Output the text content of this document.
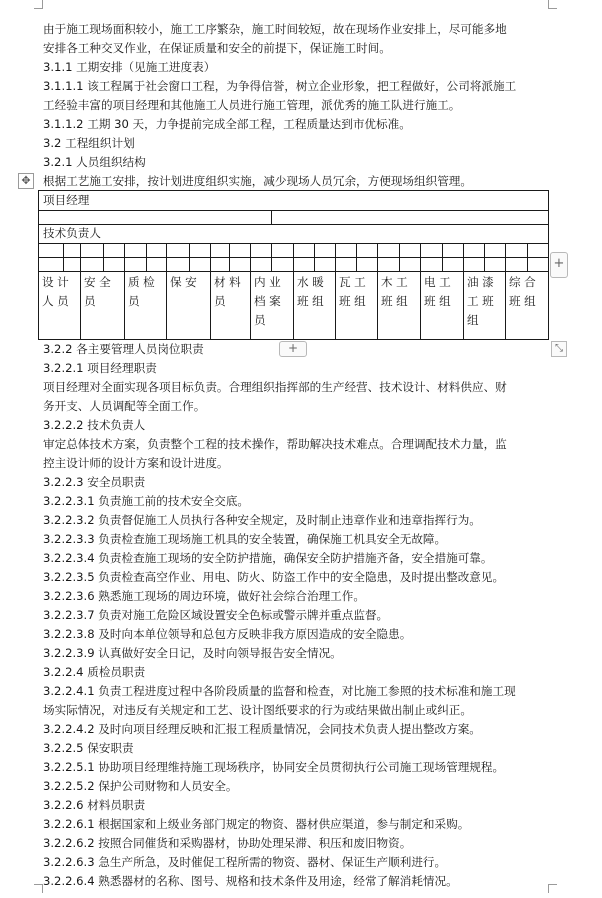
由于施工现场面积较小，施工工序繁杂，施工时间较短，故在现场作业安排上，尽可能多地
安排各工种交叉作业，在保证质量和安全的前提下，保证施工时间。
3.1.1 工期安排（见施工进度表）
3.1.1.1 该工程属于社会窗口工程，为争得信誉，树立企业形象，把工程做好，公司将派施工
工经验丰富的项目经理和其他施工人员进行施工管理，派优秀的施工队进行施工。
3.1.1.2 工期 30 天，力争提前完成全部工程，工程质量达到市优标准。
3.2 工程组织计划
3.2.1 人员组织结构
根据工艺施工安排，按计划进度组织实施，减少现场人员冗余，方便现场组织管理。
✥
项目经理
技术负责人
设计人员
安全员
质检员
保安	材料员
内业档案员
水暖班组
瓦工班组
木工班组
电工班组
油漆工班组
综合班组
+
+	⤡
3.2.2 各主要管理人员岗位职责
3.2.2.1 项目经理职责
项目经理对全面实现各项目标负责。合理组织指挥部的生产经营、技术设计、材料供应、财
务开支、人员调配等全面工作。
3.2.2.2 技术负责人
审定总体技术方案，负责整个工程的技术操作，帮助解决技术难点。合理调配技术力量，监
控主设计师的设计方案和设计进度。
3.2.2.3 安全员职责
3.2.2.3.1 负责施工前的技术安全交底。
3.2.2.3.2 负责督促施工人员执行各种安全规定，及时制止违章作业和违章指挥行为。
3.2.2.3.3 负责检查施工现场施工机具的安全装置，确保施工机具安全无故障。
3.2.2.3.4 负责检查施工现场的安全防护措施，确保安全防护措施齐备，安全措施可靠。
3.2.2.3.5 负责检查高空作业、用电、防火、防盗工作中的安全隐患，及时提出整改意见。
3.2.2.3.6 熟悉施工现场的周边环境，做好社会综合治理工作。
3.2.2.3.7 负责对施工危险区域设置安全色标或警示牌并重点监督。
3.2.2.3.8 及时向本单位领导和总包方反映非我方原因造成的安全隐患。
3.2.2.3.9 认真做好安全日记，及时向领导报告安全情况。
3.2.2.4 质检员职责
3.2.2.4.1 负责工程进度过程中各阶段质量的监督和检查，对比施工参照的技术标准和施工现
场实际情况，对违反有关规定和工艺、设计图纸要求的行为或结果做出制止或纠正。
3.2.2.4.2 及时向项目经理反映和汇报工程质量情况，会同技术负责人提出整改方案。
3.2.2.5 保安职责
3.2.2.5.1 协助项目经理维持施工现场秩序，协同安全员贯彻执行公司施工现场管理规程。
3.2.2.5.2 保护公司财物和人员安全。
3.2.2.6 材料员职责
3.2.2.6.1 根据国家和上级业务部门规定的物资、器材供应渠道，参与制定和采购。
3.2.2.6.2 按照合同催货和采购器材，协助处理呆滞、积压和废旧物资。
3.2.2.6.3 急生产所急，及时催促工程所需的物资、器材、保证生产顺利进行。
3.2.2.6.4 熟悉器材的名称、图号、规格和技术条件及用途，经常了解消耗情况。
